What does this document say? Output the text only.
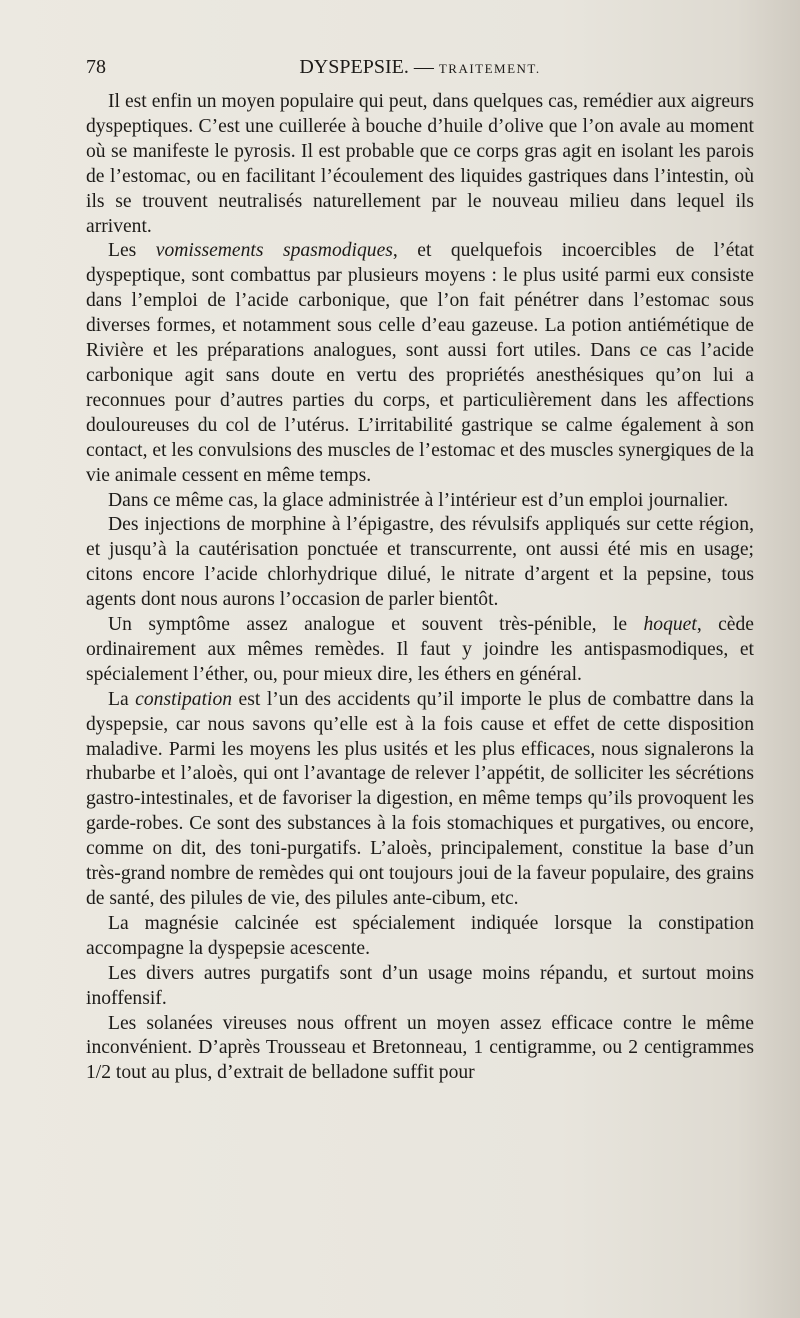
78	DYSPEPSIE. — TRAITEMENT.

Il est enfin un moyen populaire qui peut, dans quelques cas, remédier aux aigreurs dyspeptiques. C’est une cuillerée à bouche d’huile d’olive que l’on avale au moment où se manifeste le pyrosis. Il est probable que ce corps gras agit en isolant les parois de l’estomac, ou en facilitant l’écoulement des liquides gastriques dans l’intestin, où ils se trouvent neutralisés naturellement par le nouveau milieu dans lequel ils arrivent.

Les vomissements spasmodiques, et quelquefois incoercibles de l’état dyspeptique, sont combattus par plusieurs moyens : le plus usité parmi eux consiste dans l’emploi de l’acide carbonique, que l’on fait pénétrer dans l’estomac sous diverses formes, et notamment sous celle d’eau gazeuse. La potion antiémétique de Rivière et les préparations analogues, sont aussi fort utiles. Dans ce cas l’acide carbonique agit sans doute en vertu des propriétés anesthésiques qu’on lui a reconnues pour d’autres parties du corps, et particulièrement dans les affections douloureuses du col de l’utérus. L’irritabilité gastrique se calme également à son contact, et les convulsions des muscles de l’estomac et des muscles synergiques de la vie animale cessent en même temps.

Dans ce même cas, la glace administrée à l’intérieur est d’un emploi journalier.

Des injections de morphine à l’épigastre, des révulsifs appliqués sur cette région, et jusqu’à la cautérisation ponctuée et transcurrente, ont aussi été mis en usage; citons encore l’acide chlorhydrique dilué, le nitrate d’argent et la pepsine, tous agents dont nous aurons l’occasion de parler bientôt.

Un symptôme assez analogue et souvent très-pénible, le hoquet, cède ordinairement aux mêmes remèdes. Il faut y joindre les antispasmodiques, et spécialement l’éther, ou, pour mieux dire, les éthers en général.

La constipation est l’un des accidents qu’il importe le plus de combattre dans la dyspepsie, car nous savons qu’elle est à la fois cause et effet de cette disposition maladive. Parmi les moyens les plus usités et les plus efficaces, nous signalerons la rhubarbe et l’aloès, qui ont l’avantage de relever l’appétit, de solliciter les sécrétions gastro-intestinales, et de favoriser la digestion, en même temps qu’ils provoquent les garde-robes. Ce sont des substances à la fois stomachiques et purgatives, ou encore, comme on dit, des toni-purgatifs. L’aloès, principalement, constitue la base d’un très-grand nombre de remèdes qui ont toujours joui de la faveur populaire, des grains de santé, des pilules de vie, des pilules ante-cibum, etc.

La magnésie calcinée est spécialement indiquée lorsque la constipation accompagne la dyspepsie acescente.

Les divers autres purgatifs sont d’un usage moins répandu, et surtout moins inoffensif.

Les solanées vireuses nous offrent un moyen assez efficace contre le même inconvénient. D’après Trousseau et Bretonneau, 1 centigramme, ou 2 centigrammes 1/2 tout au plus, d’extrait de belladone suffit pour
